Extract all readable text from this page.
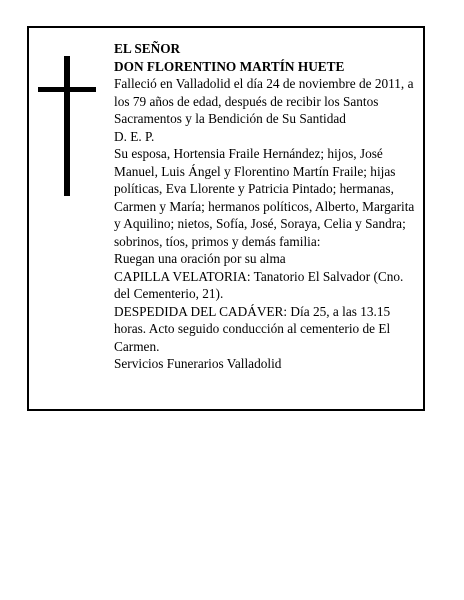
EL SEÑOR

DON FLORENTINO MARTÍN HUETE

Falleció en Valladolid el día 24 de noviembre de 2011, a los 79 años de edad, después de recibir los Santos Sacramentos y la Bendición de Su Santidad

D. E. P.

Su esposa, Hortensia Fraile Hernández; hijos, José Manuel, Luis Ángel y Florentino Martín Fraile; hijas políticas, Eva Llorente y Patricia Pintado; hermanas, Carmen y María; hermanos políticos, Alberto, Margarita y Aquilino; nietos, Sofía, José, Soraya, Celia y Sandra; sobrinos, tíos, primos y demás familia:

Ruegan una oración por su alma

CAPILLA VELATORIA: Tanatorio El Salvador (Cno. del Cementerio, 21).

DESPEDIDA DEL CADÁVER: Día 25, a las 13.15 horas. Acto seguido conducción al cementerio de El Carmen.

Servicios Funerarios Valladolid
